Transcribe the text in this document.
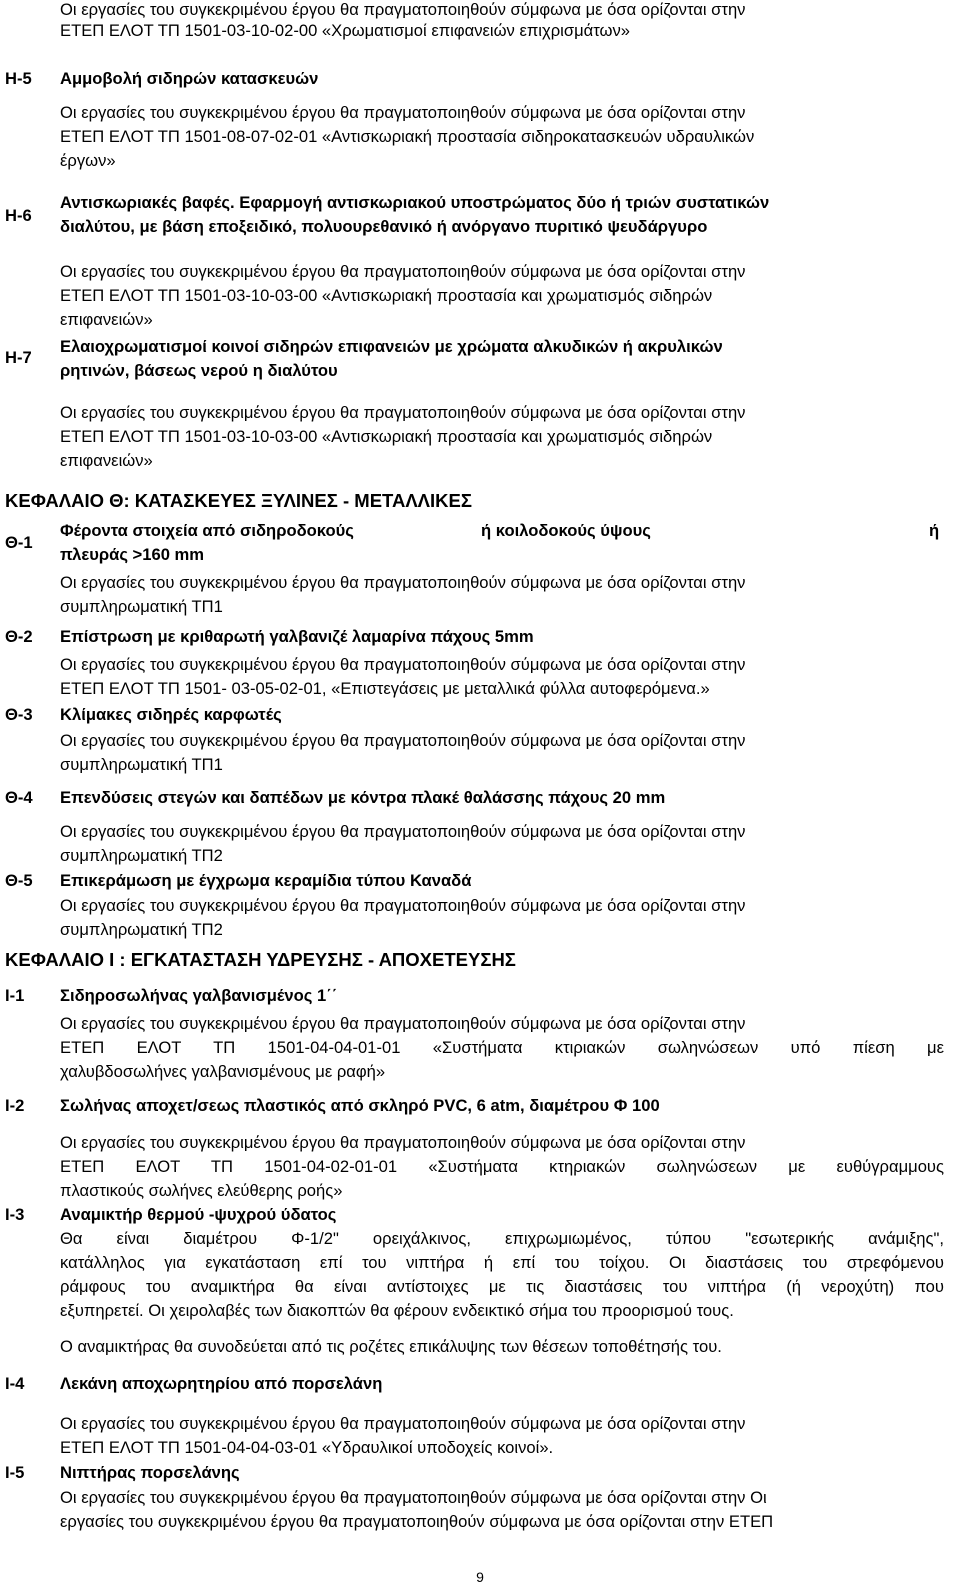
Οι εργασίες του συγκεκριμένου έργου θα πραγματοποιηθούν σύμφωνα με όσα ορίζονται στην
ΕΤΕΠ ΕΛΟΤ ΤΠ 1501-03-10-02-00 «Χρωματισμοί επιφανειών επιχρισμάτων»
Η-5 Αμμοβολή σιδηρών κατασκευών
Οι εργασίες του συγκεκριμένου έργου θα πραγματοποιηθούν σύμφωνα με όσα ορίζονται στην
ΕΤΕΠ ΕΛΟΤ ΤΠ 1501-08-07-02-01 «Αντισκωριακή προστασία σιδηροκατασκευών υδραυλικών
έργων»
Η-6
Αντισκωριακές βαφές. Εφαρμογή αντισκωριακού υποστρώματος δύο ή τριών συστατικών
διαλύτου, με βάση εποξειδικό, πολυουρεθανικό ή ανόργανο πυριτικό ψευδάργυρο
Οι εργασίες του συγκεκριμένου έργου θα πραγματοποιηθούν σύμφωνα με όσα ορίζονται στην
ΕΤΕΠ ΕΛΟΤ ΤΠ 1501-03-10-03-00 «Αντισκωριακή προστασία και χρωματισμός σιδηρών
επιφανειών»
Η-7
Ελαιοχρωματισμοί κοινοί σιδηρών επιφανειών με χρώματα αλκυδικών ή ακρυλικών
ρητινών, βάσεως νερού η διαλύτου
Οι εργασίες του συγκεκριμένου έργου θα πραγματοποιηθούν σύμφωνα με όσα ορίζονται στην
ΕΤΕΠ ΕΛΟΤ ΤΠ 1501-03-10-03-00 «Αντισκωριακή προστασία και χρωματισμός σιδηρών
επιφανειών»
ΚΕΦΑΛΑΙΟ Θ: ΚΑΤΑΣΚΕΥΕΣ ΞΥΛΙΝΕΣ - ΜΕΤΑΛΛΙΚΕΣ
Θ-1
Φέροντα στοιχεία από σιδηροδοκούς	ή κοιλοδοκούς ύψους	ή
πλευράς >160 mm
Οι εργασίες του συγκεκριμένου έργου θα πραγματοποιηθούν σύμφωνα με όσα ορίζονται στην
συμπληρωματική ΤΠ1
Θ-2 Επίστρωση με κριθαρωτή γαλβανιζέ λαμαρίνα πάχους 5mm
Οι εργασίες του συγκεκριμένου έργου θα πραγματοποιηθούν σύμφωνα με όσα ορίζονται στην
ΕΤΕΠ ΕΛΟΤ ΤΠ 1501- 03-05-02-01, «Επιστεγάσεις με μεταλλικά φύλλα αυτοφερόμενα.»
Θ-3 Κλίμακες σιδηρές καρφωτές
Οι εργασίες του συγκεκριμένου έργου θα πραγματοποιηθούν σύμφωνα με όσα ορίζονται στην
συμπληρωματική ΤΠ1
Θ-4 Επενδύσεις στεγών και δαπέδων με κόντρα πλακέ θαλάσσης πάχους 20 mm
Οι εργασίες του συγκεκριμένου έργου θα πραγματοποιηθούν σύμφωνα με όσα ορίζονται στην
συμπληρωματική ΤΠ2
Θ-5 Επικεράμωση με έγχρωμα κεραμίδια τύπου Καναδά
Οι εργασίες του συγκεκριμένου έργου θα πραγματοποιηθούν σύμφωνα με όσα ορίζονται στην
συμπληρωματική ΤΠ2
ΚΕΦΑΛΑΙΟ Ι : ΕΓΚΑΤΑΣΤΑΣΗ ΥΔΡΕΥΣΗΣ - ΑΠΟΧΕΤΕΥΣΗΣ
Ι-1 Σιδηροσωλήνας γαλβανισμένος 1΄΄
Οι εργασίες του συγκεκριμένου έργου θα πραγματοποιηθούν σύμφωνα με όσα ορίζονται στην
ΕΤΕΠ ΕΛΟΤ ΤΠ 1501-04-04-01-01 «Συστήματα κτιριακών σωληνώσεων υπό πίεση με
χαλυβδοσωλήνες γαλβανισμένους με ραφή»
Ι-2 Σωλήνας αποχετ/σεως πλαστικός από σκληρό PVC, 6 atm, διαμέτρου Φ 100
Οι εργασίες του συγκεκριμένου έργου θα πραγματοποιηθούν σύμφωνα με όσα ορίζονται στην
ΕΤΕΠ ΕΛΟΤ ΤΠ 1501-04-02-01-01 «Συστήματα κτηριακών σωληνώσεων με ευθύγραμμους
πλαστικούς σωλήνες ελεύθερης ροής»
Ι-3 Αναμικτήρ θερμού -ψυχρού ύδατος
Θα είναι διαμέτρου Φ-1/2" ορειχάλκινος, επιχρωμιωμένος, τύπου "εσωτερικής ανάμιξης",
κατάλληλος για εγκατάσταση επί του νιπτήρα ή επί του τοίχου. Οι διαστάσεις του στρεφόμενου
ράμφους του αναμικτήρα θα είναι αντίστοιχες με τις διαστάσεις του νιπτήρα (ή νεροχύτη) που
εξυπηρετεί. Οι χειρολαβές των διακοπτών θα φέρουν ενδεικτικό σήμα του προορισμού τους.
Ο αναμικτήρας θα συνοδεύεται από τις ροζέτες επικάλυψης των θέσεων τοποθέτησής του.
Ι-4 Λεκάνη αποχωρητηρίου από πορσελάνη
Οι εργασίες του συγκεκριμένου έργου θα πραγματοποιηθούν σύμφωνα με όσα ορίζονται στην
ΕΤΕΠ ΕΛΟΤ ΤΠ 1501-04-04-03-01 «Υδραυλικοί υποδοχείς κοινοί».
Ι-5 Νιπτήρας πορσελάνης
Οι εργασίες του συγκεκριμένου έργου θα πραγματοποιηθούν σύμφωνα με όσα ορίζονται στην Οι
εργασίες του συγκεκριμένου έργου θα πραγματοποιηθούν σύμφωνα με όσα ορίζονται στην ΕΤΕΠ
9
